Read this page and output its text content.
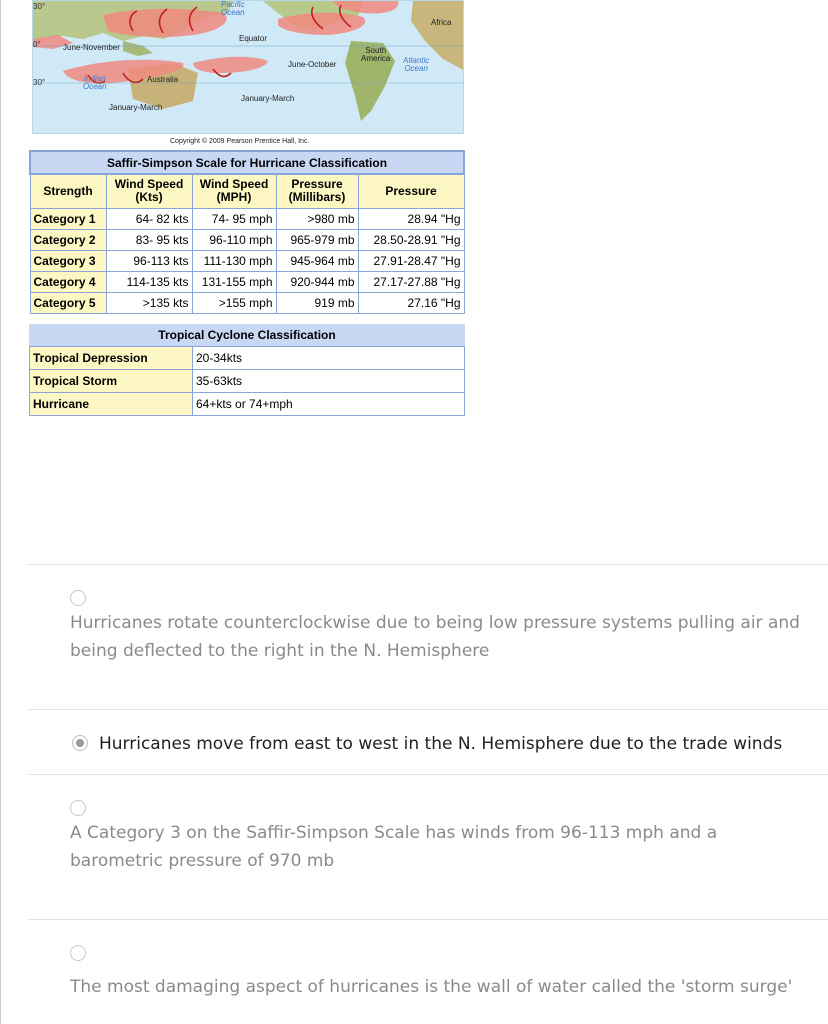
30°
0°
30°
Pacific
Ocean
Africa
Equator
June-November	South
America
June-October	Atlantic
Ocean
Indian
Ocean
Australia
January-March
January-March
Copyright © 2009 Pearson Prentice Hall, Inc.
Saffir-Simpson Scale for Hurricane Classification				
Strength	Wind Speed (Kts)	Wind Speed (MPH)	Pressure (Millibars)	Pressure
Category 1	64- 82 kts	74- 95 mph	>980 mb	28.94 "Hg
Category 2	83- 95 kts	96-110 mph	965-979 mb	28.50-28.91 "Hg
Category 3	96-113 kts	111-130 mph	945-964 mb	27.91-28.47 "Hg
Category 4	114-135 kts	131-155 mph	920-944 mb	27.17-27.88 "Hg
Category 5	>135 kts	>155 mph	919 mb	27.16 "Hg
Tropical Cyclone Classification
Tropical Depression	20-34kts
Tropical Storm	35-63kts
Hurricane	64+kts or 74+mph
Hurricanes rotate counterclockwise due to being low pressure systems pulling air and being deflected to the right in the N. Hemisphere
Hurricanes move from east to west in the N. Hemisphere due to the trade winds
A Category 3 on the Saffir-Simpson Scale has winds from 96-113 mph and a barometric pressure of 970 mb
The most damaging aspect of hurricanes is the wall of water called the 'storm surge'
